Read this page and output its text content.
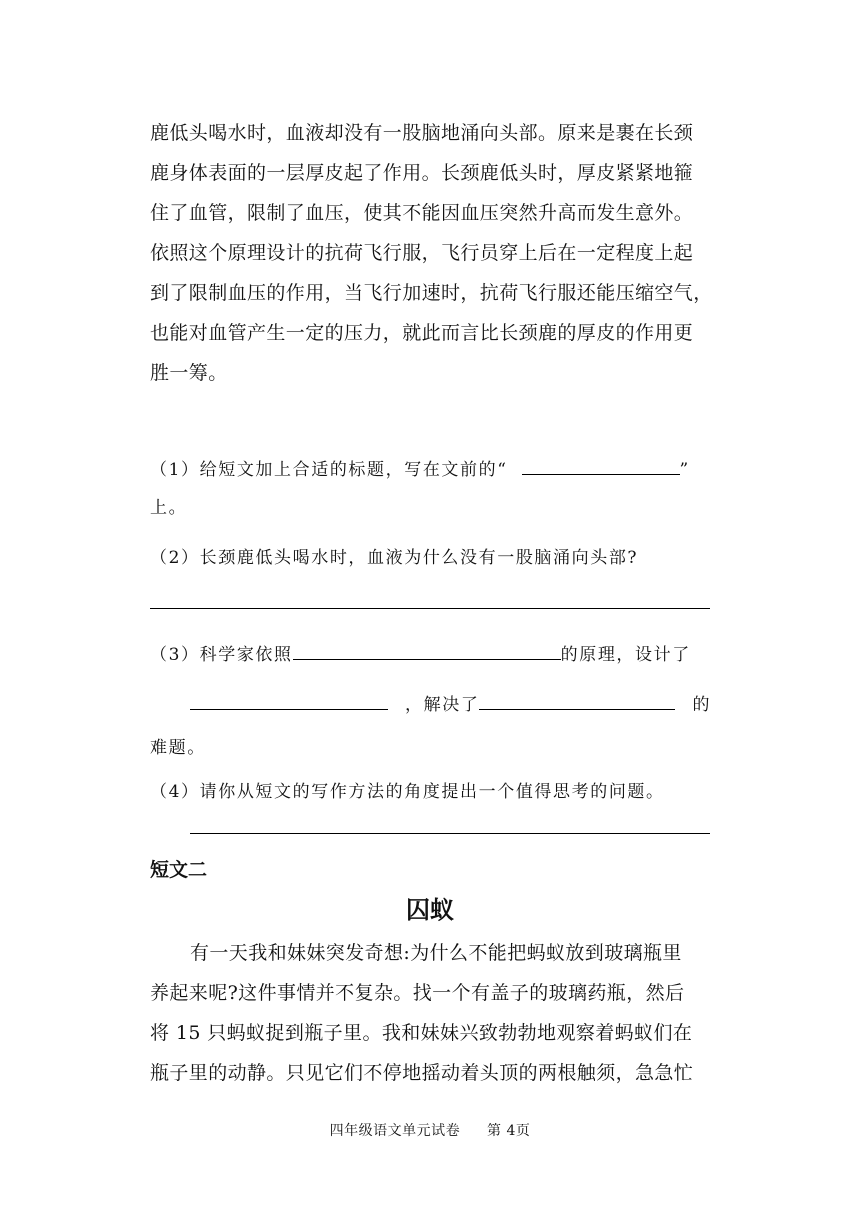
鹿低头喝水时，血液却没有一股脑地涌向头部。原来是裹在长颈
鹿身体表面的一层厚皮起了作用。长颈鹿低头时，厚皮紧紧地箍
住了血管，限制了血压，使其不能因血压突然升高而发生意外。
依照这个原理设计的抗荷飞行服，飞行员穿上后在一定程度上起
到了限制血压的作用，当飞行加速时，抗荷飞行服还能压缩空气，
也能对血管产生一定的压力，就此而言比长颈鹿的厚皮的作用更
胜一筹。
（1）给短文加上合适的标题，写在文前的“	”
上。
（2）长颈鹿低头喝水时，血液为什么没有一股脑涌向头部?
（3）科学家依照	的原理，设计了
，解决了	的
难题。
（4）请你从短文的写作方法的角度提出一个值得思考的问题。
短文二
囚蚁
有一天我和妹妹突发奇想:为什么不能把蚂蚁放到玻璃瓶里
养起来呢?这件事情并不复杂。找一个有盖子的玻璃药瓶，然后
将 15 只蚂蚁捉到瓶子里。我和妹妹兴致勃勃地观察着蚂蚁们在
瓶子里的动静。只见它们不停地摇动着头顶的两根触须，急急忙
四年级语文单元试卷 第 4页
